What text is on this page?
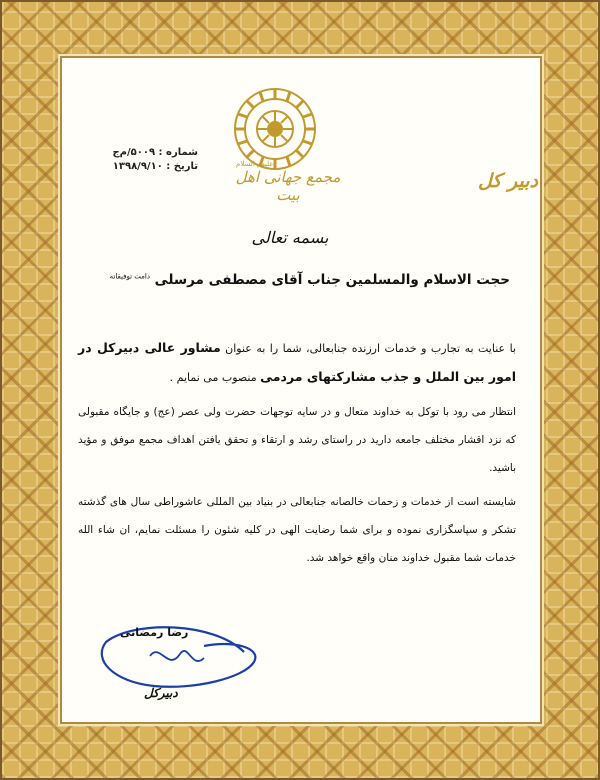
علیهم السلام
مجمع جهانی اهل بیت
دبیر کل
شماره : ۵۰۰۹/م‌ج
تاریخ : ۱۳۹۸/۹/۱۰
بسمه تعالی
حجت الاسلام والمسلمین جناب آقای مصطفی مرسلی $^{دامت توفیقاته}$

با عنایت به تجارب و خدمات ارزنده جنابعالی، شما را به عنوان مشاور عالی دبیرکل در امور بین الملل و جذب مشارکتهای مردمی منصوب می نمایم .

انتظار می رود با توکل به خداوند متعال و در سایه توجهات حضرت ولی عصر (عج) و جایگاه مقبولی که نزد اقشار مختلف جامعه دارید در راستای رشد و ارتقاء و تحقق یافتن اهداف مجمع موفق و مؤید باشید.

شایسته است از خدمات و زحمات خالصانه جنابعالی در بنیاد بین المللی عاشوراطی سال های گذشته تشکر و سپاسگزاری نموده و برای شما رضایت الهی در کلیه شئون را مسئلت نمایم، ان شاء الله خدمات شما مقبول خداوند منان واقع خواهد شد.

رضا رمضانی
دبیرکل
